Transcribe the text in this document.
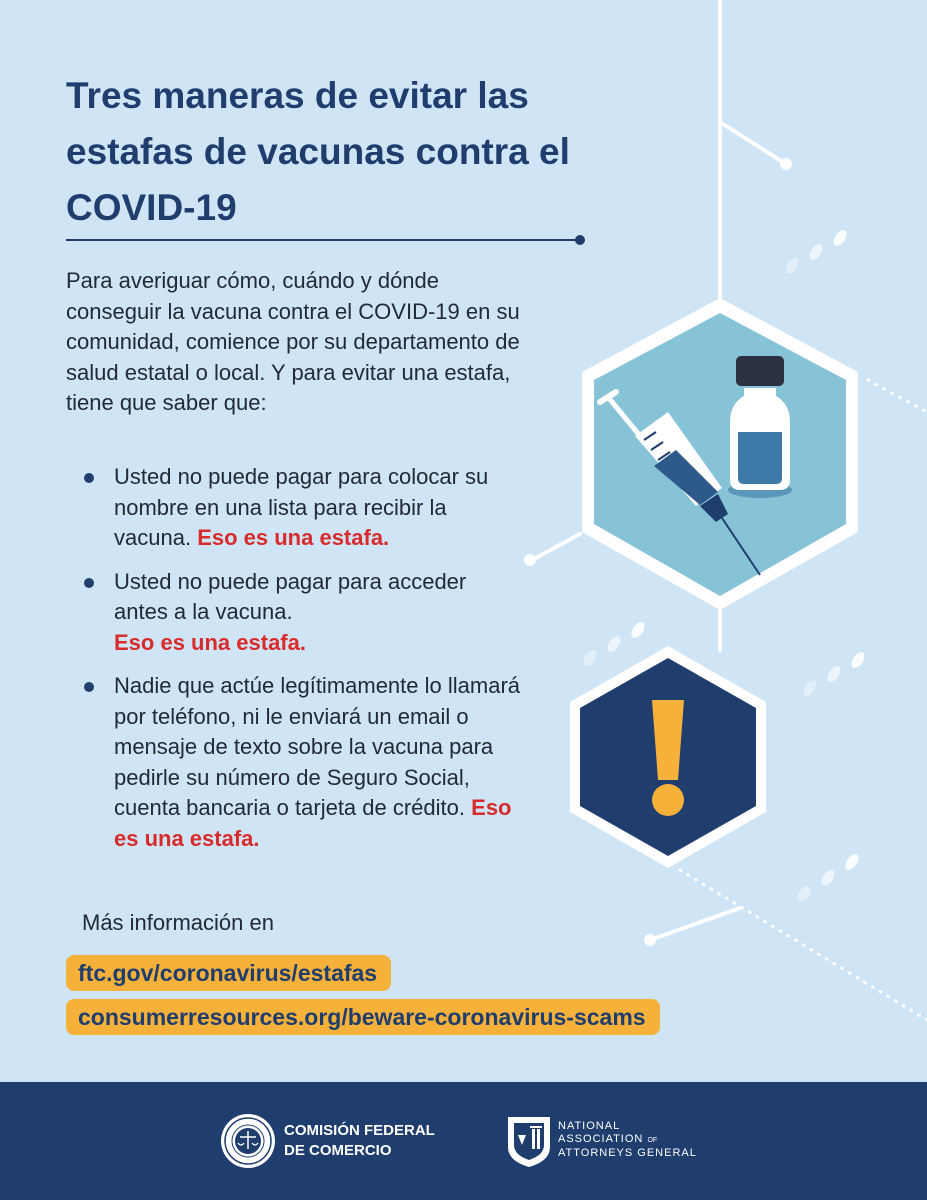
Tres maneras de evitar las estafas de vacunas contra el COVID-19

Para averiguar cómo, cuándo y dónde conseguir la vacuna contra el COVID-19 en su comunidad, comience por su departamento de salud estatal o local. Y para evitar una estafa, tiene que saber que:

Usted no puede pagar para colocar su nombre en una lista para recibir la vacuna. Eso es una estafa.
Usted no puede pagar para acceder antes a la vacuna.
Eso es una estafa.
Nadie que actúe legítimamente lo llamará por teléfono, ni le enviará un email o mensaje de texto sobre la vacuna para pedirle su número de Seguro Social, cuenta bancaria o tarjeta de crédito. Eso es una estafa.

Más información en

ftc.gov/coronavirus/estafas
consumerresources.org/beware-coronavirus-scams
COMISIÓN FEDERAL
DE COMERCIO
NATIONAL
ASSOCIATION OF
ATTORNEYS GENERAL
